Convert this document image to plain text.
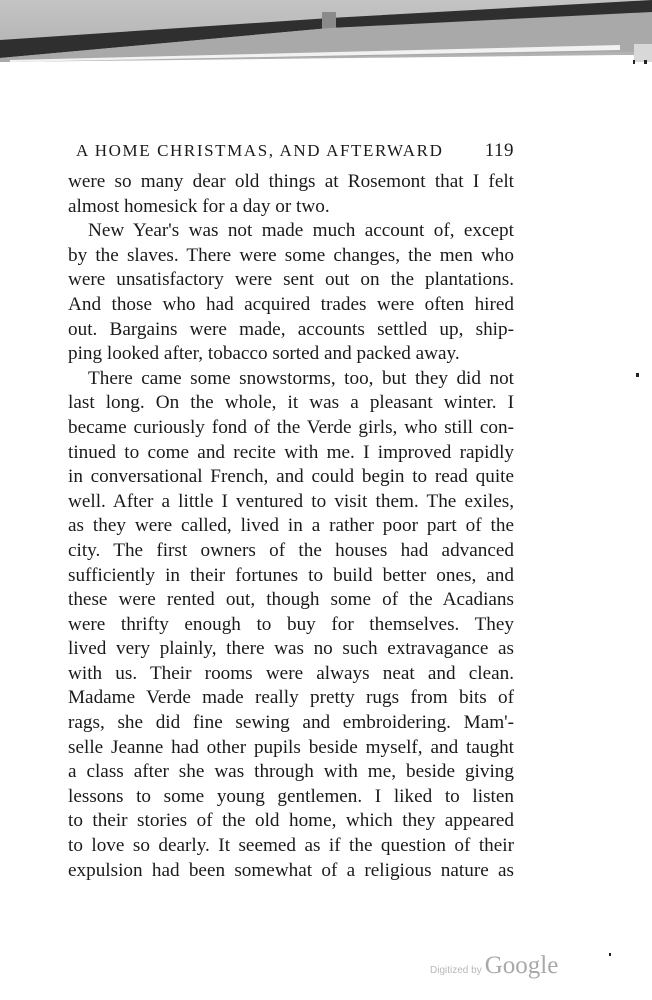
A HOME CHRISTMAS, AND AFTERWARD 119

were so many dear old things at Rosemont that I felt
almost homesick for a day or two.

New Year's was not made much account of, except
by the slaves. There were some changes, the men who
were unsatisfactory were sent out on the plantations.
And those who had acquired trades were often hired
out. Bargains were made, accounts settled up, ship-
ping looked after, tobacco sorted and packed away.

There came some snowstorms, too, but they did not
last long. On the whole, it was a pleasant winter. I
became curiously fond of the Verde girls, who still con-
tinued to come and recite with me. I improved rapidly
in conversational French, and could begin to read quite
well. After a little I ventured to visit them. The exiles,
as they were called, lived in a rather poor part of the
city. The first owners of the houses had advanced
sufficiently in their fortunes to build better ones, and
these were rented out, though some of the Acadians
were thrifty enough to buy for themselves. They
lived very plainly, there was no such extravagance as
with us. Their rooms were always neat and clean.
Madame Verde made really pretty rugs from bits of
rags, she did fine sewing and embroidering. Mam'-
selle Jeanne had other pupils beside myself, and taught
a class after she was through with me, beside giving
lessons to some young gentlemen. I liked to listen
to their stories of the old home, which they appeared
to love so dearly. It seemed as if the question of their
expulsion had been somewhat of a religious nature as

Digitized by Google
